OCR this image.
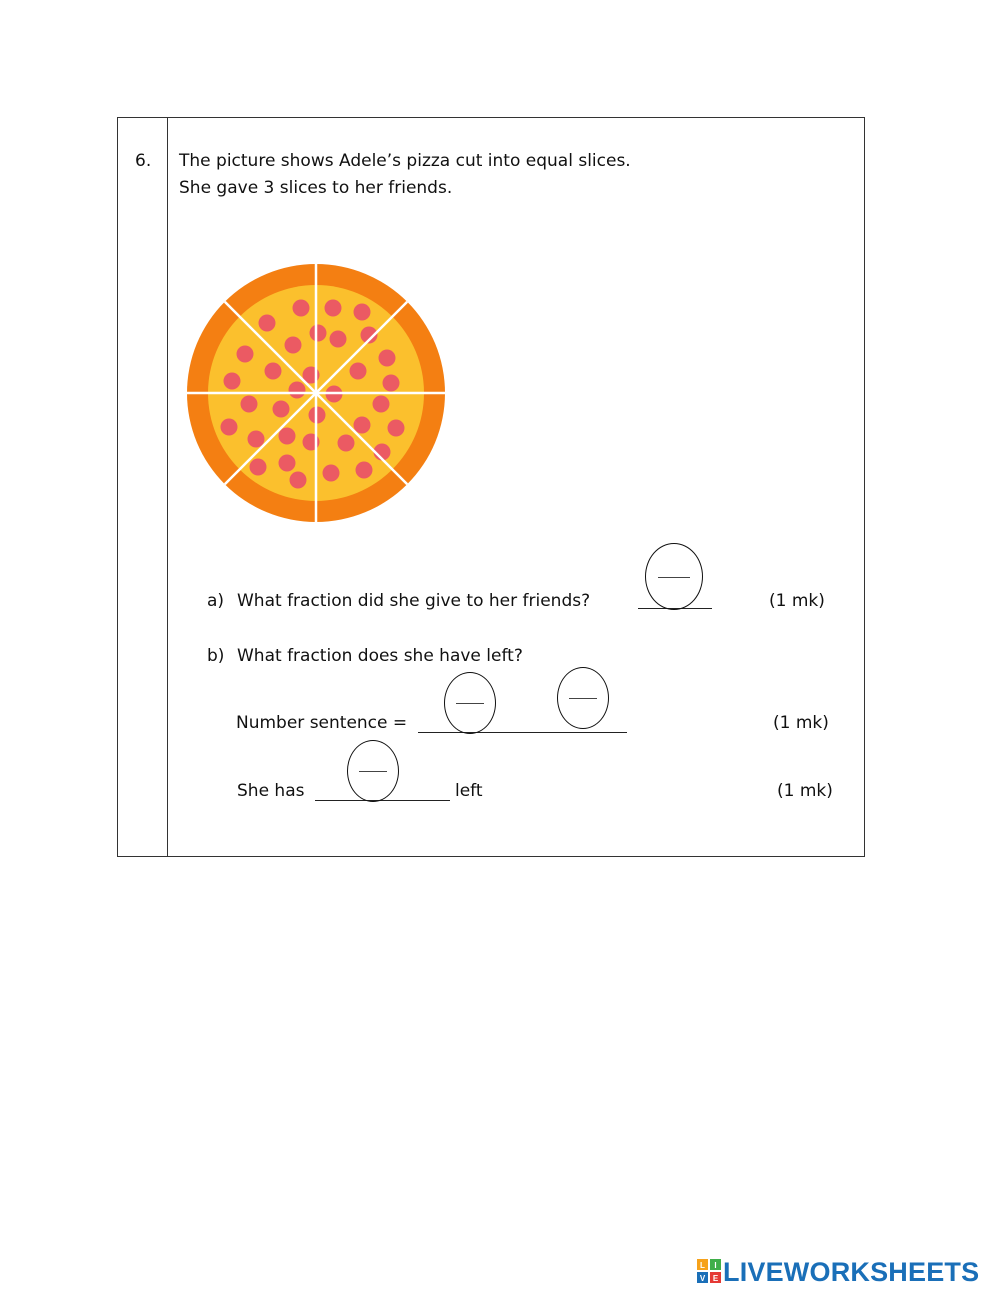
6. The picture shows Adele’s pizza cut into equal slices.
She gave 3 slices to her friends.
a) What fraction did she give to her friends?	(1 mk)
b) What fraction does she have left?
Number sentence =	(1 mk)
She has	left	(1 mk)
L I
V E LIVEWORKSHEETS
